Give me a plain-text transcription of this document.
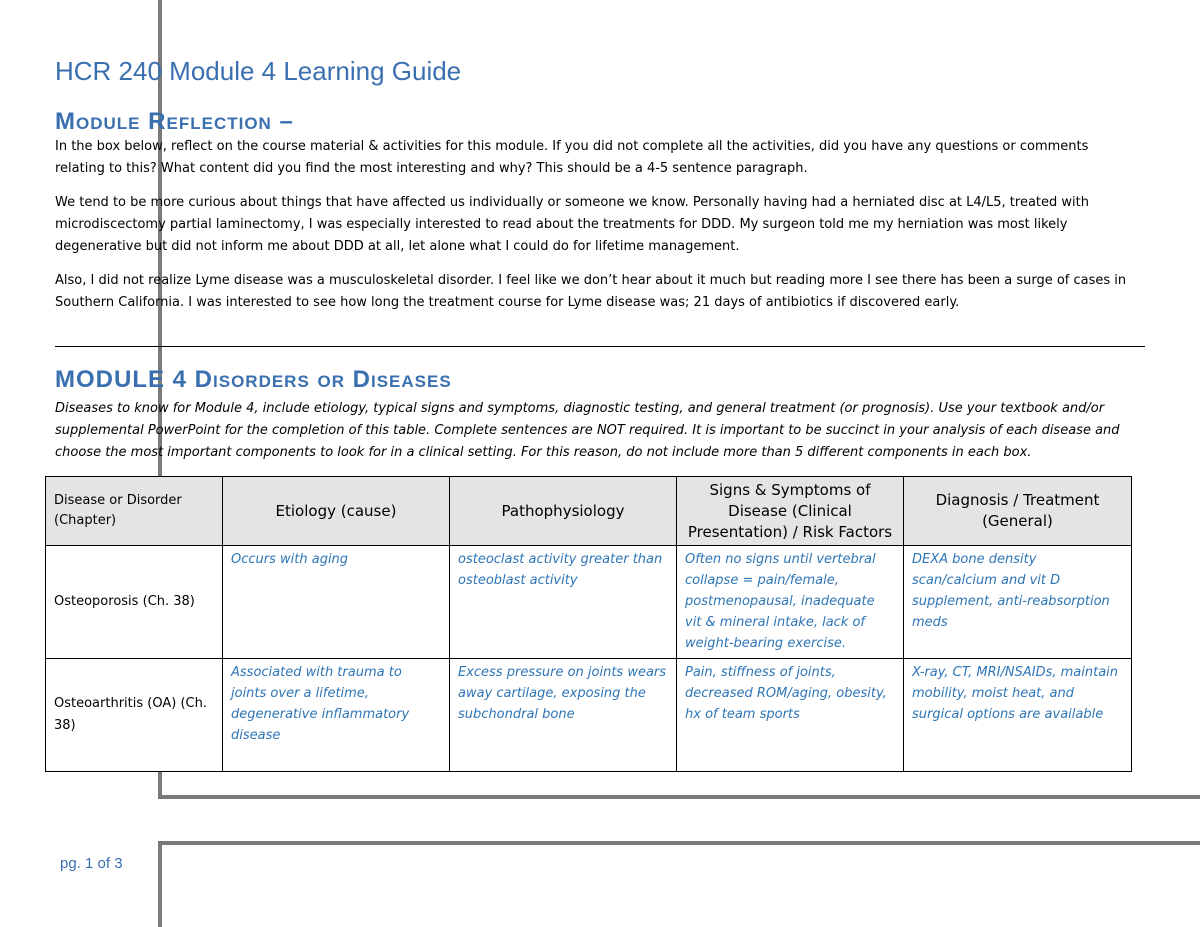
HCR 240 Module 4 Learning Guide
Module Reflection –
In the box below, reflect on the course material & activities for this module. If you did not complete all the activities, did you have any questions or comments relating to this? What content did you find the most interesting and why? This should be a 4-5 sentence paragraph.
We tend to be more curious about things that have affected us individually or someone we know. Personally having had a herniated disc at L4/L5, treated with microdiscectomy partial laminectomy, I was especially interested to read about the treatments for DDD. My surgeon told me my herniation was most likely degenerative but did not inform me about DDD at all, let alone what I could do for lifetime management.
Also, I did not realize Lyme disease was a musculoskeletal disorder. I feel like we don’t hear about it much but reading more I see there has been a surge of cases in Southern California. I was interested to see how long the treatment course for Lyme disease was; 21 days of antibiotics if discovered early.
MODULE 4 Disorders or Diseases
Diseases to know for Module 4, include etiology, typical signs and symptoms, diagnostic testing, and general treatment (or prognosis). Use your textbook and/or supplemental PowerPoint for the completion of this table. Complete sentences are NOT required. It is important to be succinct in your analysis of each disease and choose the most important components to look for in a clinical setting. For this reason, do not include more than 5 different components in each box.
Disease or Disorder (Chapter)	Etiology (cause)	Pathophysiology	Signs & Symptoms of Disease (Clinical Presentation) / Risk Factors	Diagnosis / Treatment (General)
Osteoporosis (Ch. 38)	Occurs with aging	osteoclast activity greater than osteoblast activity	Often no signs until vertebral collapse = pain/female, postmenopausal, inadequate vit & mineral intake, lack of weight-bearing exercise.	DEXA bone density scan/calcium and vit D supplement, anti-reabsorption meds
Osteoarthritis (OA) (Ch. 38)	Associated with trauma to joints over a lifetime, degenerative inflammatory disease	Excess pressure on joints wears away cartilage, exposing the subchondral bone	Pain, stiffness of joints, decreased ROM/aging, obesity, hx of team sports	X-ray, CT, MRI/NSAIDs, maintain mobility, moist heat, and surgical options are available
pg. 1 of 3
